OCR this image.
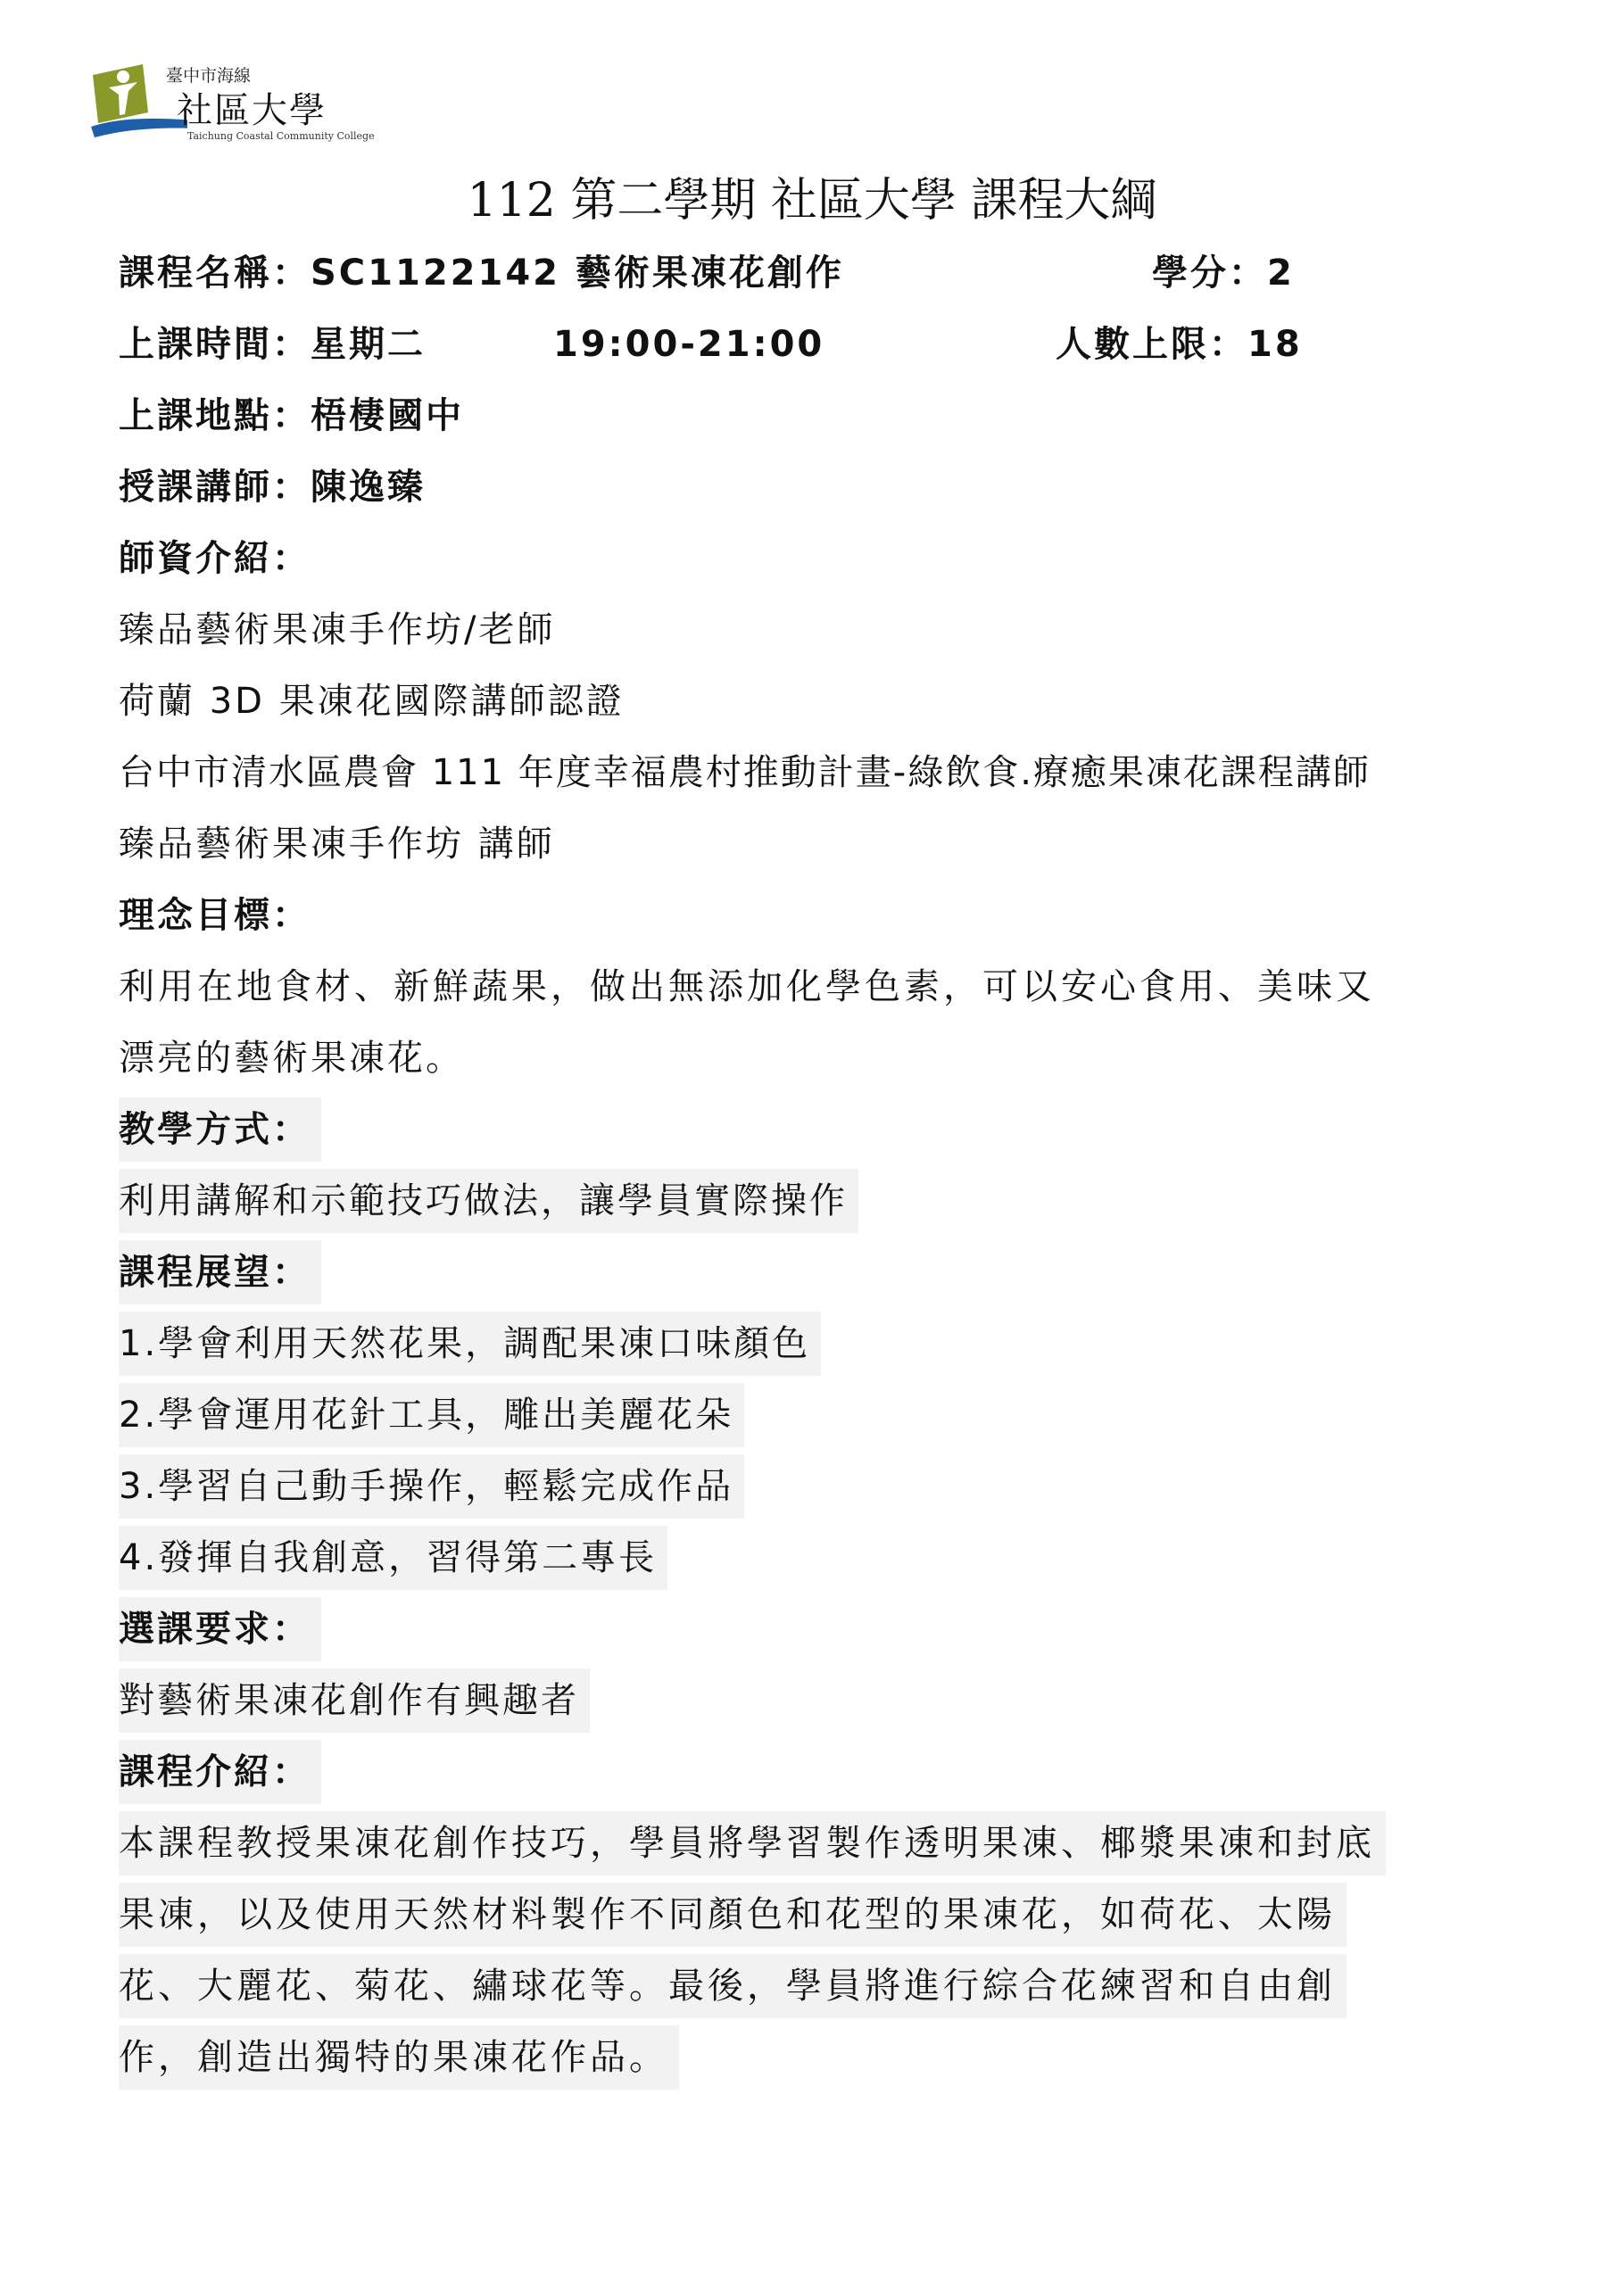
臺中市海線
社區大學
Taichung Coastal Community College
112 第二學期 社區大學 課程大綱
課程名稱：SC1122142 藝術果凍花創作	學分：2
上課時間：星期二	19:00-21:00	人數上限：18
上課地點：梧棲國中
授課講師：陳逸臻
師資介紹：
臻品藝術果凍手作坊/老師
荷蘭 3D 果凍花國際講師認證
台中市清水區農會 111 年度幸福農村推動計畫-綠飲食.療癒果凍花課程講師
臻品藝術果凍手作坊 講師
理念目標：
利用在地食材、新鮮蔬果，做出無添加化學色素，可以安心食用、美味又
漂亮的藝術果凍花。
教學方式：
利用講解和示範技巧做法，讓學員實際操作
課程展望：
1.學會利用天然花果，調配果凍口味顏色
2.學會運用花針工具，雕出美麗花朵
3.學習自己動手操作，輕鬆完成作品
4.發揮自我創意，習得第二專長
選課要求：
對藝術果凍花創作有興趣者
課程介紹：
本課程教授果凍花創作技巧，學員將學習製作透明果凍、椰漿果凍和封底
果凍，以及使用天然材料製作不同顏色和花型的果凍花，如荷花、太陽
花、大麗花、菊花、繡球花等。最後，學員將進行綜合花練習和自由創
作，創造出獨特的果凍花作品。
